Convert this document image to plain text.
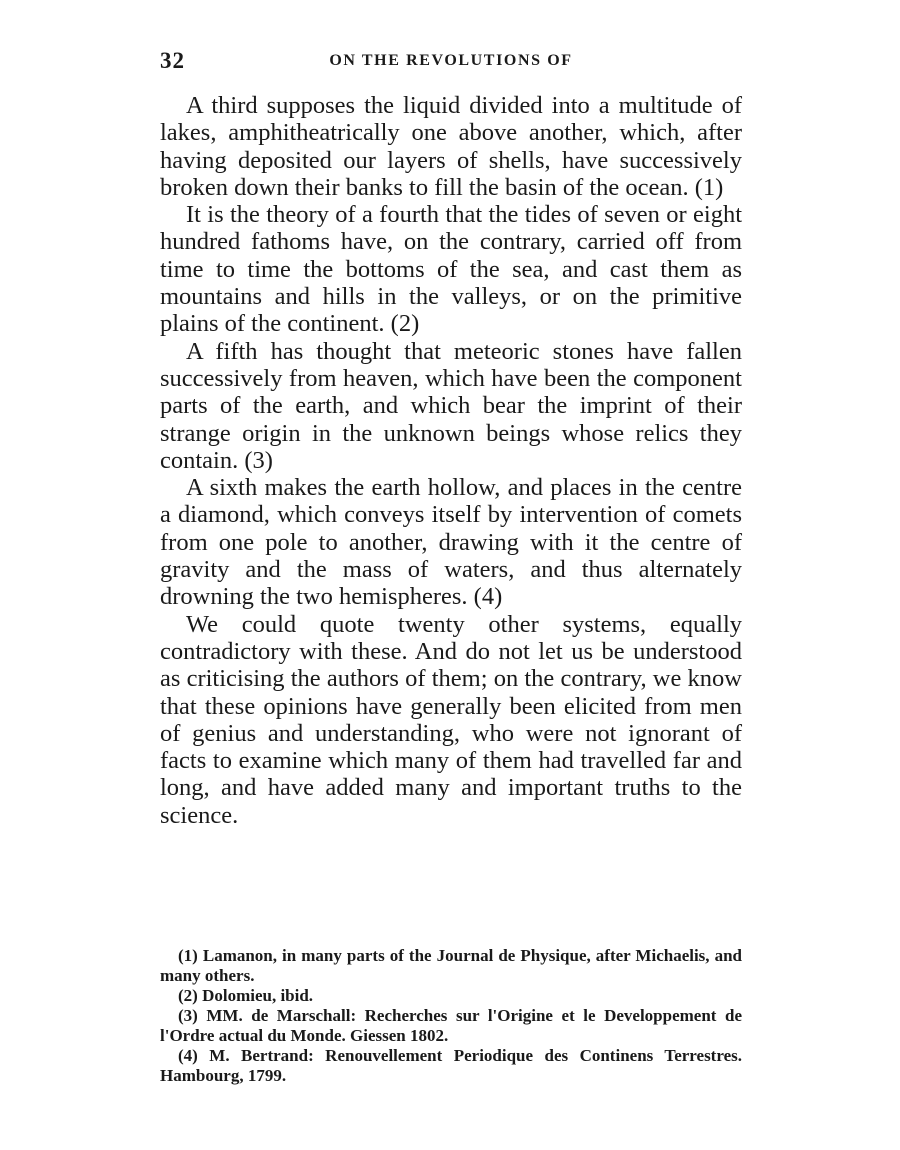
32	ON THE REVOLUTIONS OF

A third supposes the liquid divided into a multitude of lakes, amphitheatrically one above another, which, after having deposited our layers of shells, have successively broken down their banks to fill the basin of the ocean. (1)

It is the theory of a fourth that the tides of seven or eight hundred fathoms have, on the contrary, carried off from time to time the bottoms of the sea, and cast them as mountains and hills in the valleys, or on the primitive plains of the continent. (2)

A fifth has thought that meteoric stones have fallen successively from heaven, which have been the component parts of the earth, and which bear the imprint of their strange origin in the unknown beings whose relics they contain. (3)

A sixth makes the earth hollow, and places in the centre a diamond, which conveys itself by intervention of comets from one pole to another, drawing with it the centre of gravity and the mass of waters, and thus alternately drowning the two hemispheres. (4)

We could quote twenty other systems, equally contradictory with these. And do not let us be understood as criticising the authors of them; on the contrary, we know that these opinions have generally been elicited from men of genius and understanding, who were not ignorant of facts to examine which many of them had travelled far and long, and have added many and important truths to the science.

(1) Lamanon, in many parts of the Journal de Physique, after Michaelis, and many others.

(2) Dolomieu, ibid.

(3) MM. de Marschall: Recherches sur l'Origine et le Developpement de l'Ordre actual du Monde. Giessen 1802.

(4) M. Bertrand: Renouvellement Periodique des Continens Terrestres. Hambourg, 1799.
